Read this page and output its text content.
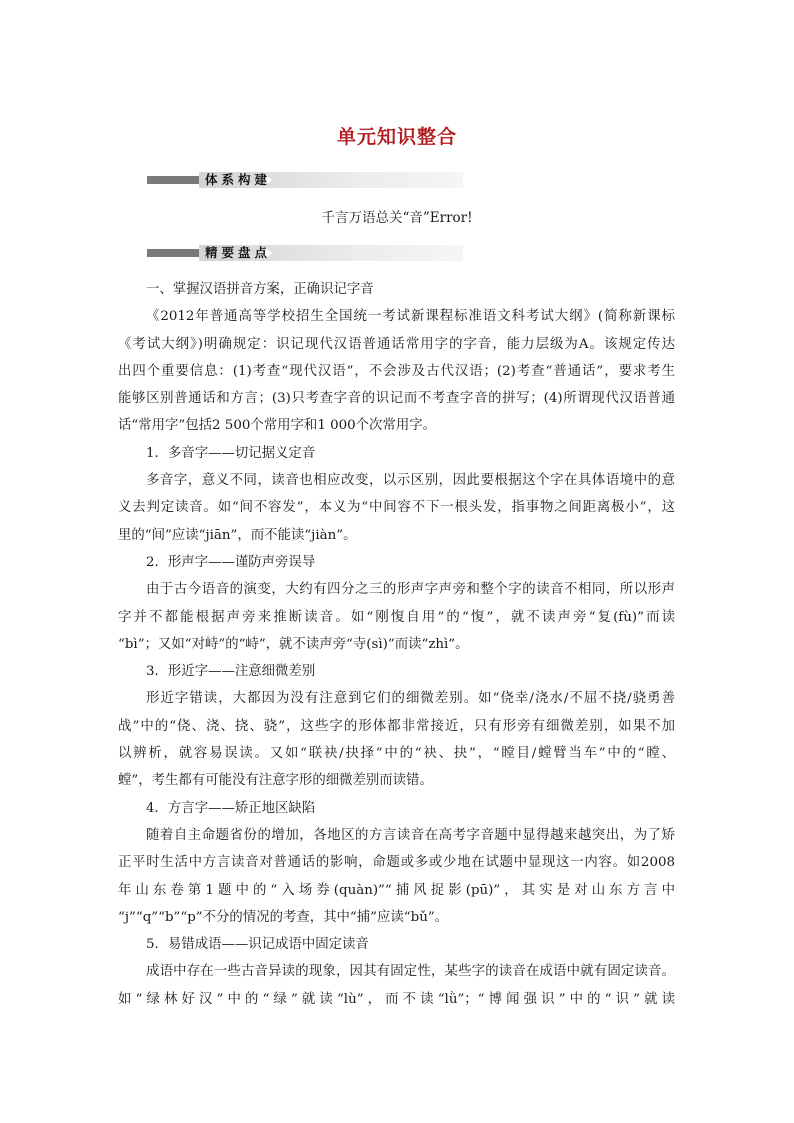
单元知识整合
体系构建
千言万语总关“音”Error!
精要盘点

一、掌握汉语拼音方案，正确识记字音

《2012年普通高等学校招生全国统一考试新课程标准语文科考试大纲》(简称新课标

《考试大纲》)明确规定：识记现代汉语普通话常用字的字音，能力层级为A。该规定传达

出四个重要信息：(1)考查“现代汉语”，不会涉及古代汉语；(2)考查“普通话”，要求考生

能够区别普通话和方言；(3)只考查字音的识记而不考查字音的拼写；(4)所谓现代汉语普通

话“常用字”包括2 500个常用字和1 000个次常用字。

1．多音字——切记据义定音

多音字，意义不同，读音也相应改变，以示区别，因此要根据这个字在具体语境中的意

义去判定读音。如“间不容发”，本义为“中间容不下一根头发，指事物之间距离极小”，这

里的“间”应读“jiān”，而不能读“jiàn”。

2．形声字——谨防声旁误导

由于古今语音的演变，大约有四分之三的形声字声旁和整个字的读音不相同，所以形声

字并不都能根据声旁来推断读音。如“刚愎自用”的“愎”，就不读声旁“复(fù)”而读

“bì”；又如“对峙”的“峙”，就不读声旁“寺(sì)”而读“zhì”。

3．形近字——注意细微差别

形近字错读，大都因为没有注意到它们的细微差别。如“侥幸/浇水/不屈不挠/骁勇善

战”中的“侥、浇、挠、骁”，这些字的形体都非常接近，只有形旁有细微差别，如果不加

以辨析，就容易误读。又如“联袂/抉择”中的“袂、抉”，“瞠目/螳臂当车”中的“瞠、

螳”，考生都有可能没有注意字形的细微差别而读错。

4．方言字——矫正地区缺陷

随着自主命题省份的增加，各地区的方言读音在高考字音题中显得越来越突出，为了矫

正平时生活中方言读音对普通话的影响，命题或多或少地在试题中显现这一内容。如2008

年山东卷第1题中的“入场券(quàn)”“捕风捉影(pū)”，其实是对山东方言中

“j”“q”“b”“p”不分的情况的考查，其中“捕”应读“bǔ”。

5．易错成语——识记成语中固定读音

成语中存在一些古音异读的现象，因其有固定性，某些字的读音在成语中就有固定读音。

如“绿林好汉”中的“绿”就读“lù”，而不读“lǜ”；“博闻强识”中的“识”就读
